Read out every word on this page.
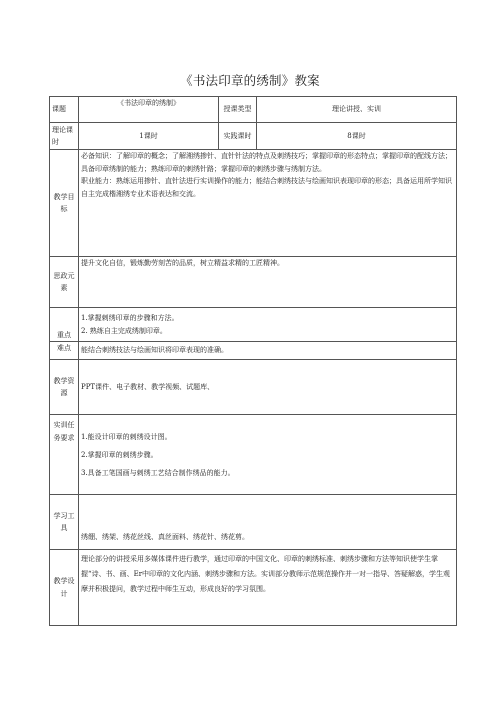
《书法印章的绣制》教案
课题	《书法印章的绣制》	授课类型	理论讲授、实训
理论课时	1课时	实践课时	8课时
教学目标	必备知识：了解印章的概念；了解湘绣掺针、直针针法的特点及刺绣技巧；掌握印章的形态特点；掌握印章的配线方法；具备印章绣制的能力；熟练印章的刺绣针路；掌握印章的刺绣步骤与绣制方法。
职业能力：熟练运用掺针、直针法进行实训操作的能力；能结合刺绣技法与绘画知识表现印章的形态；具备运用所学知识自主完成楷湘绣专业术语表达和交流。		

思政元素	提升文化自信，锻炼勤劳刻苦的品质，树立精益求精的工匠精神。		
重点	1.掌握刺绣印章的步骤和方法。
2. 熟练自主完成绣制印章。		

难点	能结合刺绣技法与绘画知识将印章表现的准确。		
教学资源	PPT课件、电子教材、教学视频、试题库、		
实训任务要求	1.能设计印章的刺绣设计图。
2.掌握印章的刺绣步骤。
3.具备工笔国画与刺绣工艺结合制作绣品的能力。		

学习工具	绣绷、绣架、绣花丝线、真丝面料、绣花针、绣花剪。		
教学设计	理论部分的讲授采用多媒体课件进行教学，通过印章的中国文化、印章的刺绣标准、刺绣步骤和方法等知识使学生掌握“诗、书、画、Er中印章的文化内涵、刺绣步骤和方法。实训部分教师示范规范操作并一对一指导、答疑解惑，学生观摩并积极提问，教学过程中师生互动，形成良好的学习氛围。		
